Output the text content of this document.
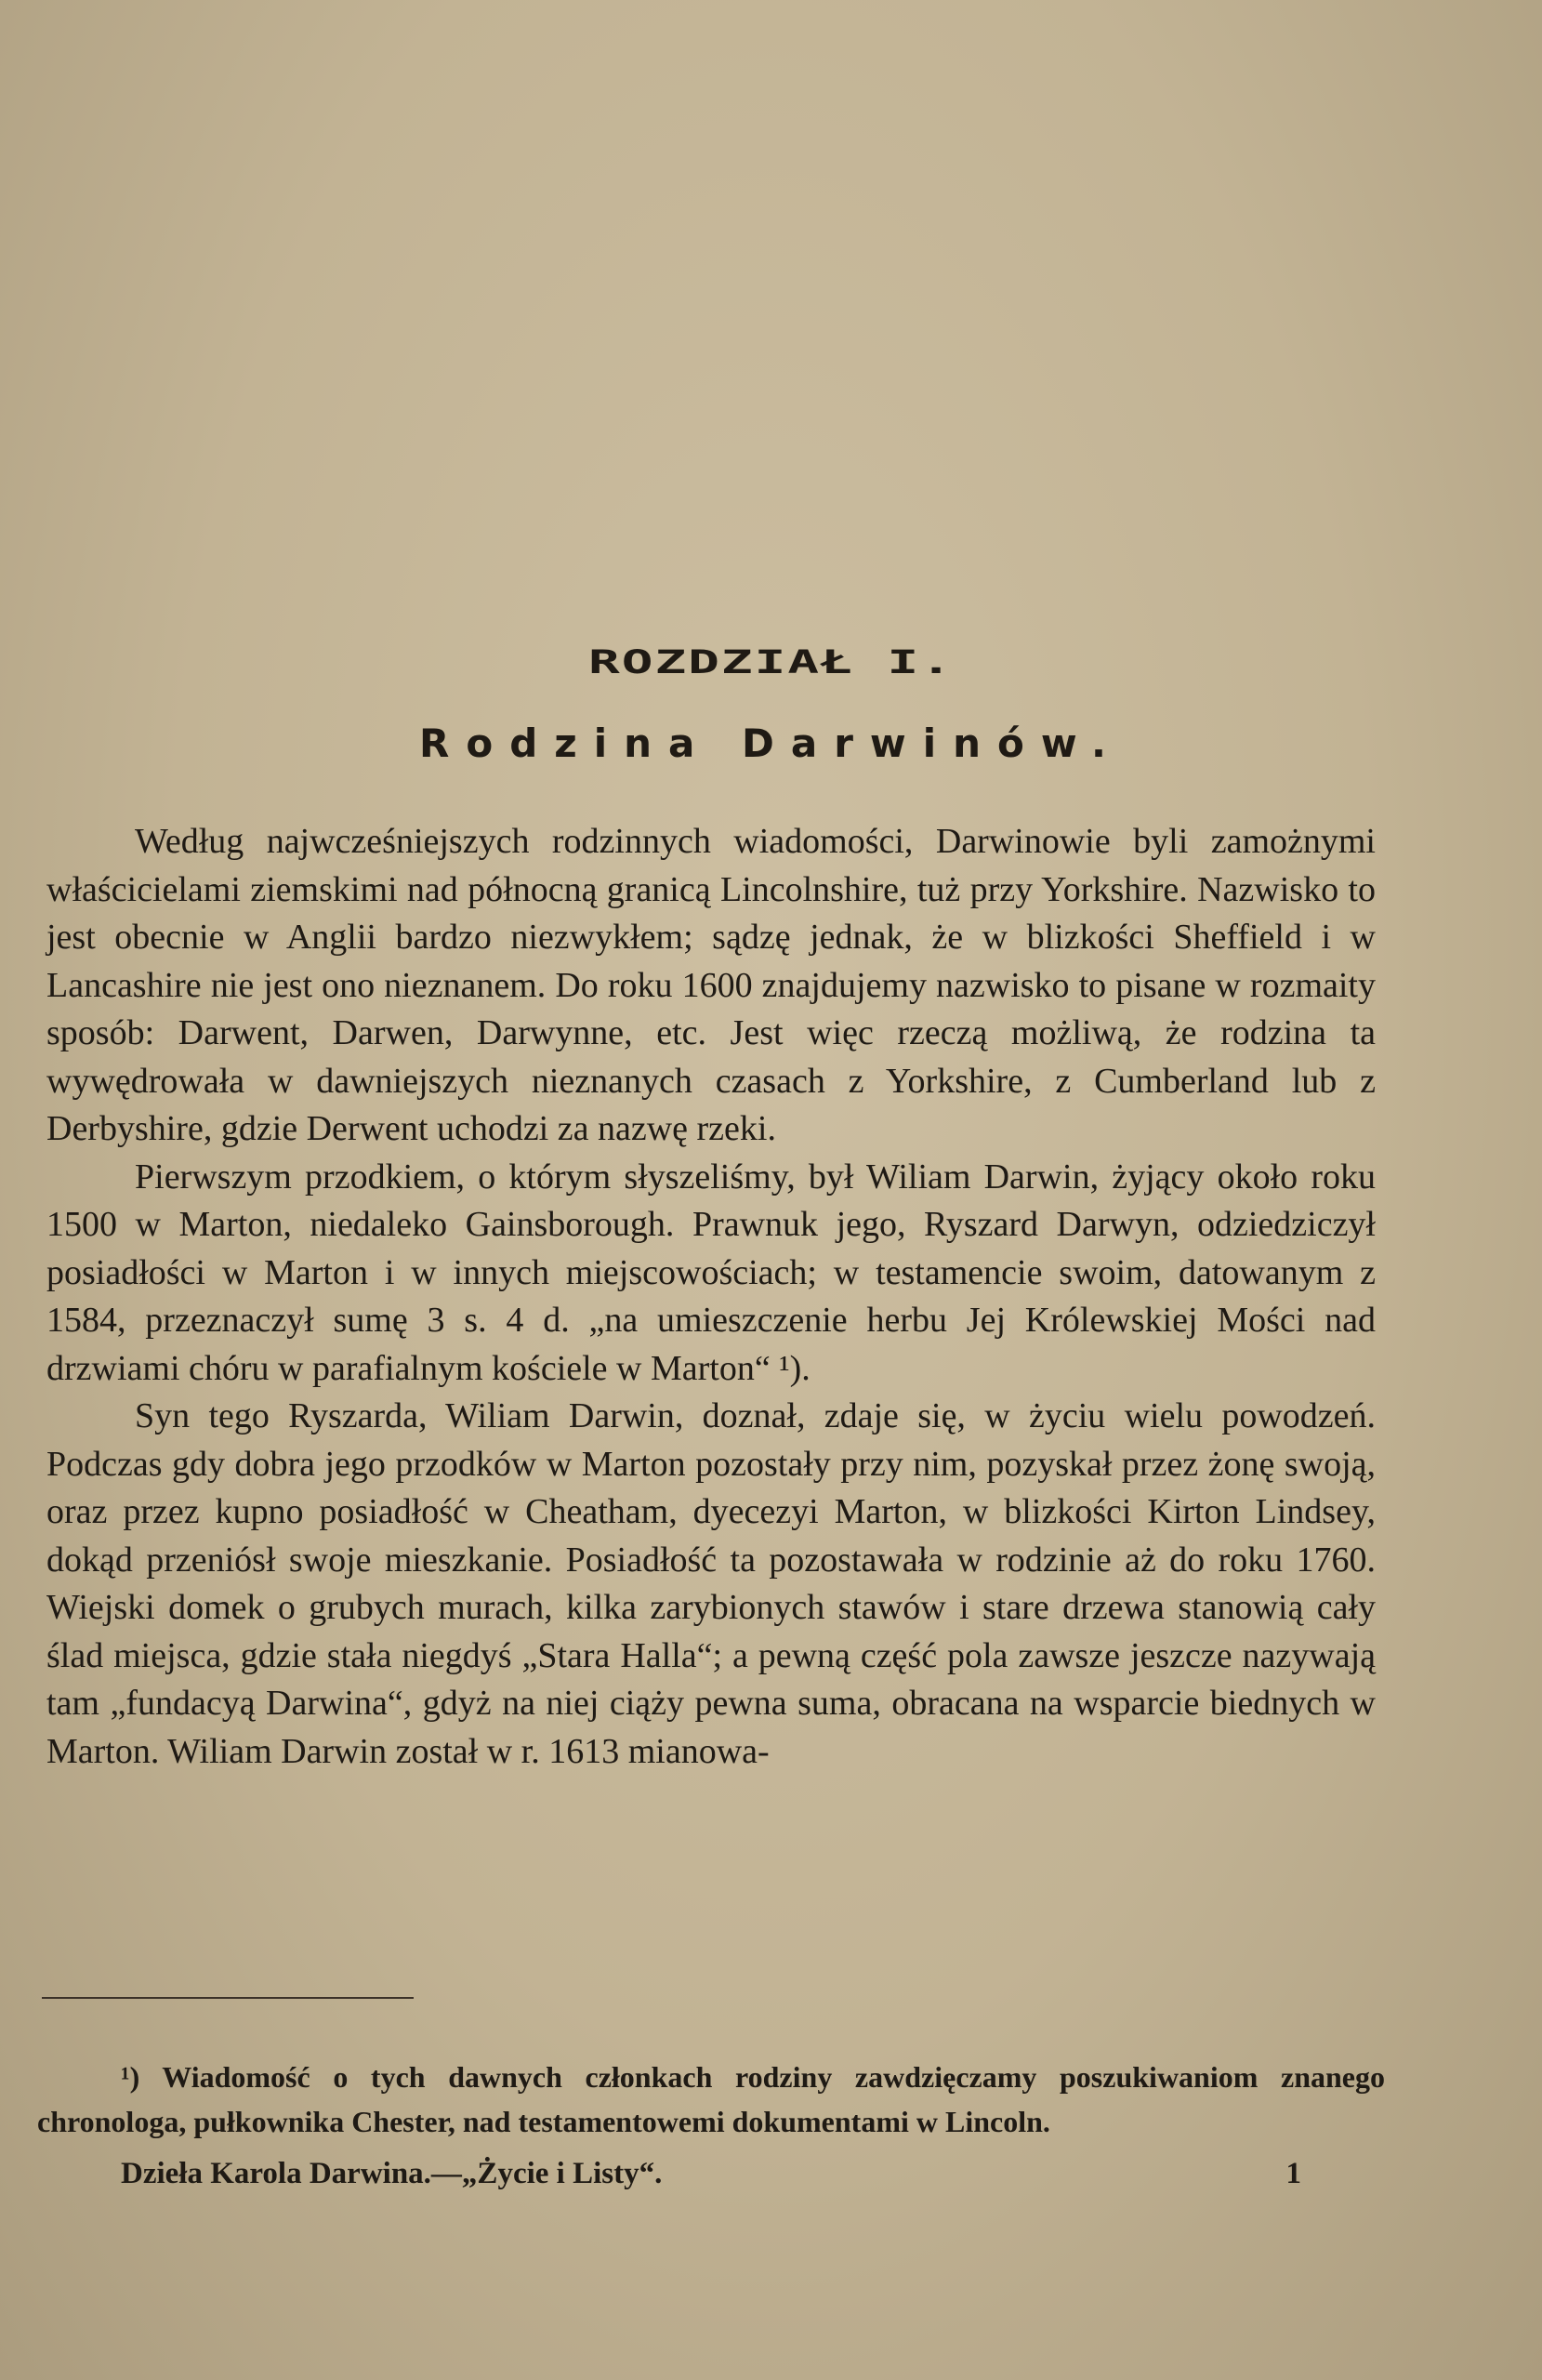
ROZDZIAŁ I.
Rodzina Darwinów.

Według najwcześniejszych rodzinnych wiadomości, Darwinowie byli zamożnymi właścicielami ziemskimi nad północną granicą Lincolnshire, tuż przy Yorkshire. Nazwisko to jest obecnie w Anglii bardzo niezwykłem; sądzę jednak, że w blizkości Sheffield i w Lancashire nie jest ono nieznanem. Do roku 1600 znajdujemy nazwisko to pisane w rozmaity sposób: Darwent, Darwen, Darwynne, etc. Jest więc rzeczą możliwą, że rodzina ta wywędrowała w dawniejszych nieznanych czasach z Yorkshire, z Cumberland lub z Derbyshire, gdzie Derwent uchodzi za nazwę rzeki.

Pierwszym przodkiem, o którym słyszeliśmy, był Wiliam Darwin, żyjący około roku 1500 w Marton, niedaleko Gainsborough. Prawnuk jego, Ryszard Darwyn, odziedziczył posiadłości w Marton i w innych miejscowościach; w testamencie swoim, datowanym z 1584, przeznaczył sumę 3 s. 4 d. „na umieszczenie herbu Jej Królewskiej Mości nad drzwiami chóru w parafialnym kościele w Marton“ ¹).

Syn tego Ryszarda, Wiliam Darwin, doznał, zdaje się, w życiu wielu powodzeń. Podczas gdy dobra jego przodków w Marton pozostały przy nim, pozyskał przez żonę swoją, oraz przez kupno posiadłość w Cheatham, dyecezyi Marton, w blizkości Kirton Lindsey, dokąd przeniósł swoje mieszkanie. Posiadłość ta pozostawała w rodzinie aż do roku 1760. Wiejski domek o grubych murach, kilka zarybionych stawów i stare drzewa stanowią cały ślad miejsca, gdzie stała niegdyś „Stara Halla“; a pewną część pola zawsze jeszcze nazywają tam „fundacyą Darwina“, gdyż na niej ciąży pewna suma, obracana na wsparcie biednych w Marton. Wiliam Darwin został w r. 1613 mianowa-

¹) Wiadomość o tych dawnych członkach rodziny zawdzięczamy poszukiwaniom znanego chronologa, pułkownika Chester, nad testamentowemi dokumentami w Lincoln.
Dzieła Karola Darwina.—„Życie i Listy“.	1
